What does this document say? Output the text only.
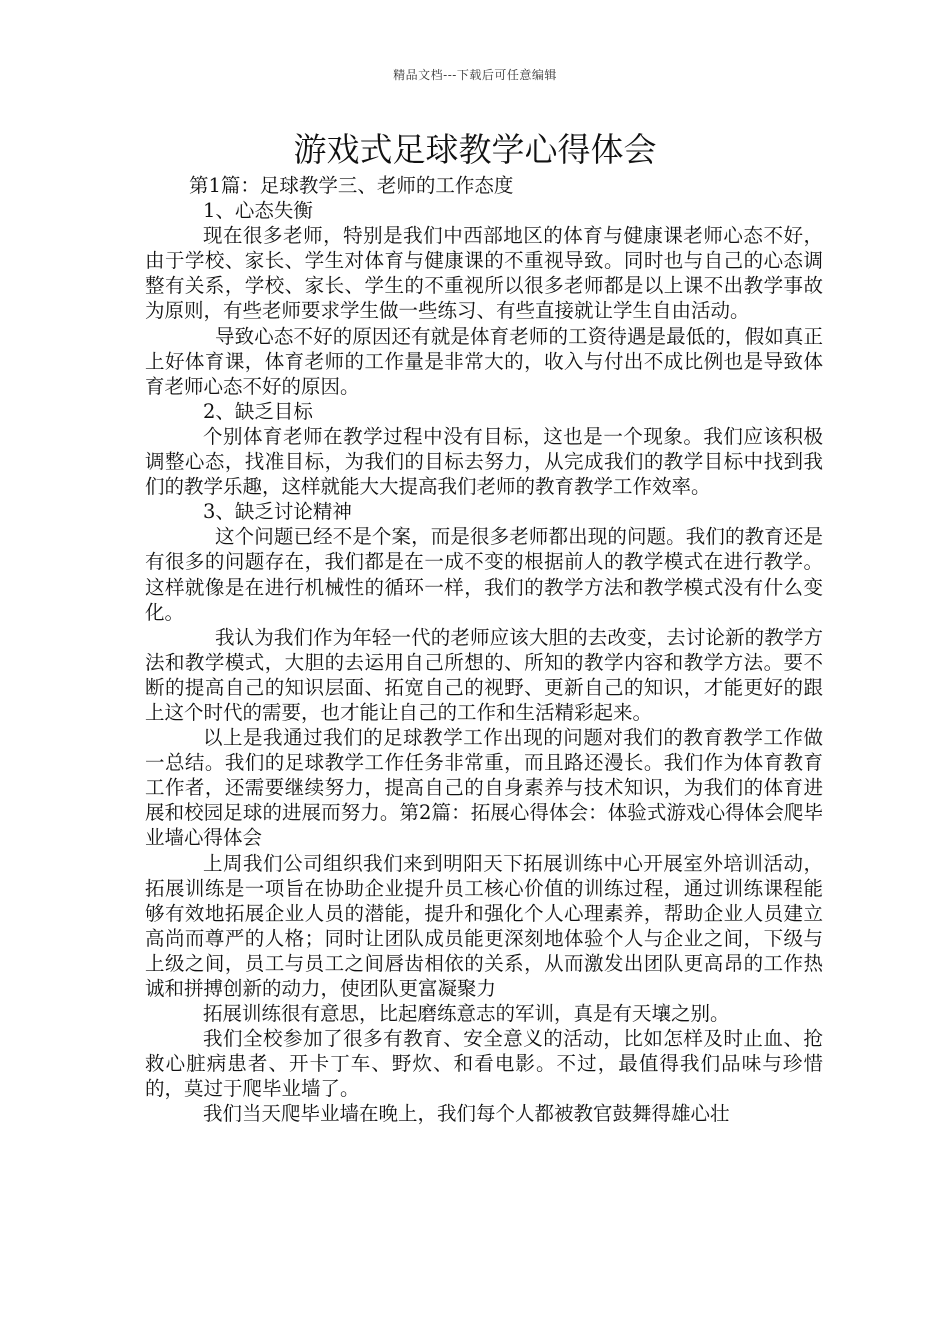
精品文档---下载后可任意编辑
游戏式足球教学心得体会

第1篇：足球教学三、老师的工作态度

1、心态失衡

现在很多老师，特别是我们中西部地区的体育与健康课老师心态不好，由于学校、家长、学生对体育与健康课的不重视导致。同时也与自己的心态调整有关系，学校、家长、学生的不重视所以很多老师都是以上课不出教学事故为原则，有些老师要求学生做一些练习、有些直接就让学生自由活动。

导致心态不好的原因还有就是体育老师的工资待遇是最低的，假如真正上好体育课，体育老师的工作量是非常大的，收入与付出不成比例也是导致体育老师心态不好的原因。

2、缺乏目标

个别体育老师在教学过程中没有目标，这也是一个现象。我们应该积极调整心态，找准目标，为我们的目标去努力，从完成我们的教学目标中找到我们的教学乐趣，这样就能大大提高我们老师的教育教学工作效率。

3、缺乏讨论精神

这个问题已经不是个案，而是很多老师都出现的问题。我们的教育还是有很多的问题存在，我们都是在一成不变的根据前人的教学模式在进行教学。这样就像是在进行机械性的循环一样，我们的教学方法和教学模式没有什么变化。

我认为我们作为年轻一代的老师应该大胆的去改变，去讨论新的教学方法和教学模式，大胆的去运用自己所想的、所知的教学内容和教学方法。要不断的提高自己的知识层面、拓宽自己的视野、更新自己的知识，才能更好的跟上这个时代的需要，也才能让自己的工作和生活精彩起来。

以上是我通过我们的足球教学工作出现的问题对我们的教育教学工作做一总结。我们的足球教学工作任务非常重，而且路还漫长。我们作为体育教育工作者，还需要继续努力，提高自己的自身素养与技术知识，为我们的体育进展和校园足球的进展而努力。第2篇：拓展心得体会：体验式游戏心得体会爬毕业墙心得体会

上周我们公司组织我们来到明阳天下拓展训练中心开展室外培训活动，拓展训练是一项旨在协助企业提升员工核心价值的训练过程，通过训练课程能够有效地拓展企业人员的潜能，提升和强化个人心理素养，帮助企业人员建立高尚而尊严的人格；同时让团队成员能更深刻地体验个人与企业之间，下级与上级之间，员工与员工之间唇齿相依的关系，从而激发出团队更高昂的工作热诚和拼搏创新的动力，使团队更富凝聚力

拓展训练很有意思，比起磨练意志的军训，真是有天壤之别。

我们全校参加了很多有教育、安全意义的活动，比如怎样及时止血、抢救心脏病患者、开卡丁车、野炊、和看电影。不过，最值得我们品味与珍惜的，莫过于爬毕业墙了。

我们当天爬毕业墙在晚上，我们每个人都被教官鼓舞得雄心壮
